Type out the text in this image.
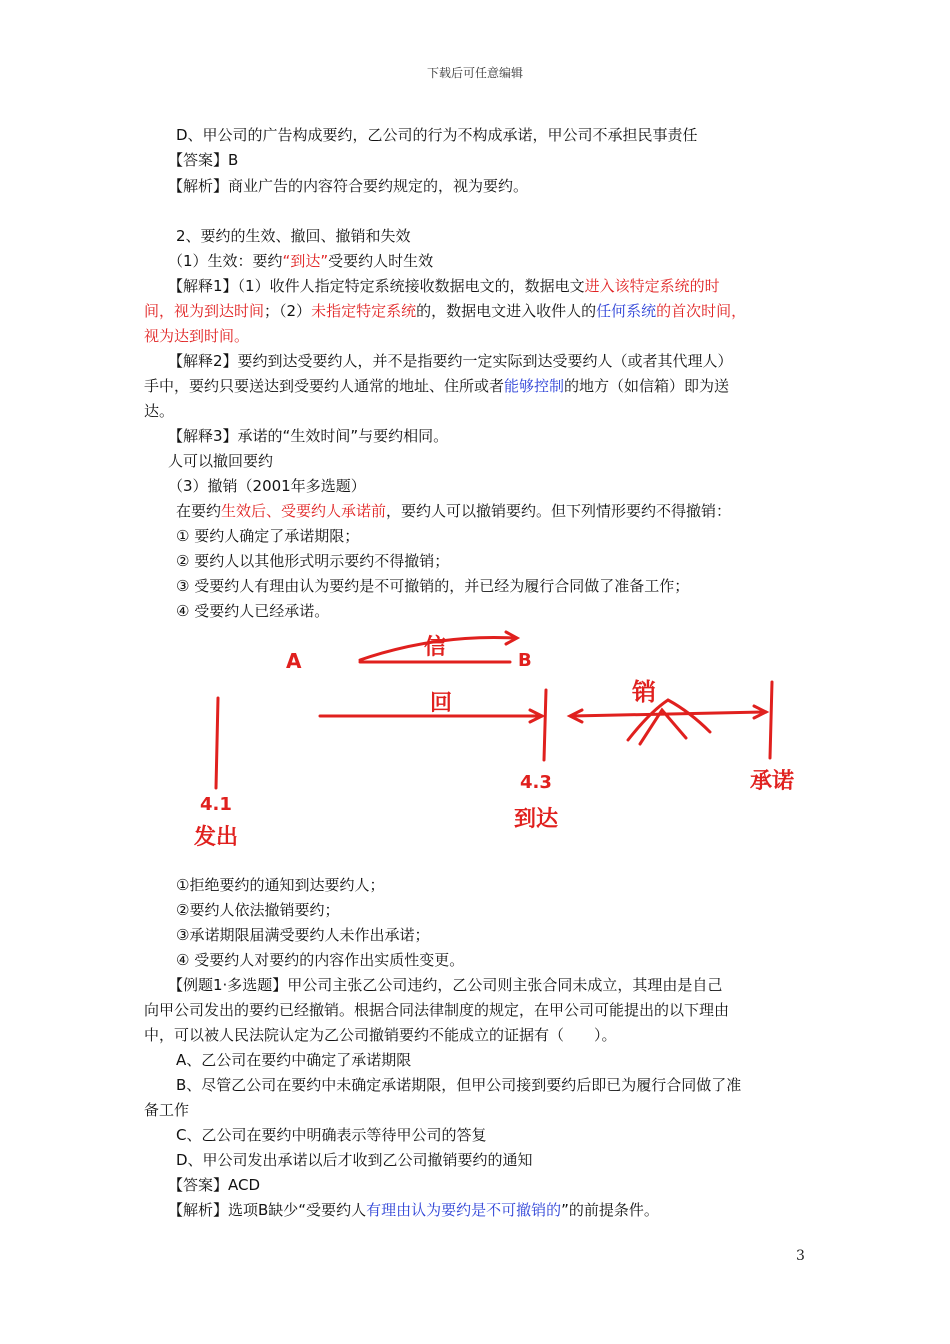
下载后可任意编辑
D、甲公司的广告构成要约，乙公司的行为不构成承诺，甲公司不承担民事责任
【答案】B
【解析】商业广告的内容符合要约规定的，视为要约。
2、要约的生效、撤回、撤销和失效
（1）生效：要约“到达”受要约人时生效
【解释1】（1）收件人指定特定系统接收数据电文的，数据电文进入该特定系统的时
间，视为到达时间；（2）未指定特定系统的，数据电文进入收件人的任何系统的首次时间，
视为达到时间。
【解释2】要约到达受要约人，并不是指要约一定实际到达受要约人（或者其代理人）
手中，要约只要送达到受要约人通常的地址、住所或者能够控制的地方（如信箱）即为送
达。
【解释3】承诺的“生效时间”与要约相同。
人可以撤回要约
（3）撤销（2001年多选题）
在要约生效后、受要约人承诺前，要约人可以撤销要约。但下列情形要约不得撤销：
① 要约人确定了承诺期限；
② 要约人以其他形式明示要约不得撤销；
③ 受要约人有理由认为要约是不可撤销的，并已经为履行合同做了准备工作；
④ 受要约人已经承诺。
①拒绝要约的通知到达要约人；
②要约人依法撤销要约；
③承诺期限届满受要约人未作出承诺；
④ 受要约人对要约的内容作出实质性变更。
【例题1·多选题】甲公司主张乙公司违约，乙公司则主张合同未成立，其理由是自己
向甲公司发出的要约已经撤销。根据合同法律制度的规定，在甲公司可能提出的以下理由
中，可以被人民法院认定为乙公司撤销要约不能成立的证据有（　　）。
A、乙公司在要约中确定了承诺期限
B、尽管乙公司在要约中未确定承诺期限，但甲公司接到要约后即已为履行合同做了准
备工作
C、乙公司在要约中明确表示等待甲公司的答复
D、甲公司发出承诺以后才收到乙公司撤销要约的通知
【答案】ACD
【解析】选项B缺少“受要约人有理由认为要约是不可撤销的”的前提条件。
A
信
B
回	销
4.1
发出
4.3
到达
承诺
3
